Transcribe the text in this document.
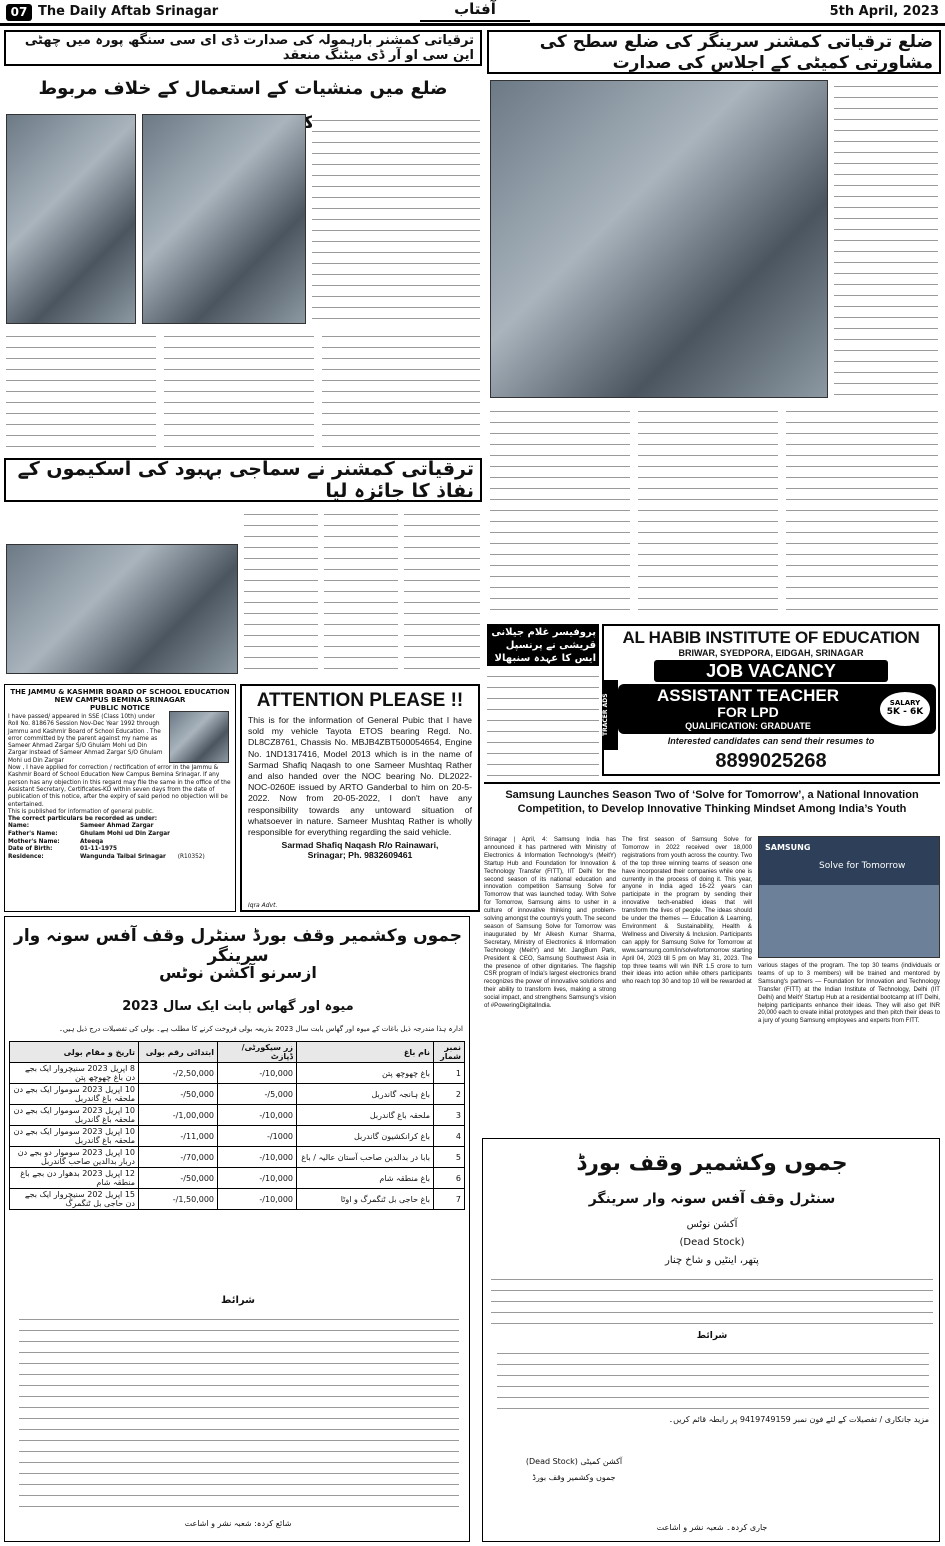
07 The Daily Aftab Srinagar	آفتاب	5th April, 2023
ضلع ترقیاتی کمشنر سرینگر کی ضلع سطح کی مشاورتی کمیٹی کے اجلاس کی صدارت
ترقیاتی کمشنر بارہمولہ کی صدارت ڈی ای سی سنگھ پورہ میں چھٹی این سی او آر ڈی میٹنگ منعقد
ضلع میں منشیات کے استعمال کے خلاف مربوط
ترقیاتی کمشنر نے سماجی بہبود کی اسکیموں کے نفاذ کا جائزہ لیا
پروفیسر غلام جیلانی قریشی نے پرنسپل ایس کا عہدہ سنبھالا
TRACER ADS
AL HABIB INSTITUTE OF EDUCATION
BRIWAR, SYEDPORA, EIDGAH, SRINAGAR
JOB VACANCY
ASSISTANT TEACHER
FOR LPD
QUALIFICATION: GRADUATE
SALARY
5K - 6K
Interested candidates can send their resumes to
8899025268
THE JAMMU & KASHMIR BOARD OF SCHOOL EDUCATION
NEW CAMPUS BEMINA SRINAGAR
PUBLIC NOTICE
I have passed/ appeared in SSE (Class 10th) under Roll No. 818676 Session Nov-Dec Year 1992 through Jammu and Kashmir Board of School Education . The error committed by the parent against my name as Sameer Ahmad Zargar S/O Ghulam Mohi ud Din Zargar instead of Sameer Ahmad Zargar S/O Ghulam Mohi ud Din Zargar
Now , I have applied for correction / rectification of error in the Jammu & Kashmir Board of School Education New Campus Bemina Srinagar. If any person has any objection in this regard may file the same in the office of the Assistant Secretary, Certificates-KD within seven days from the date of publication of this notice, after the expiry of said period no objection will be entertained.
This is published for information of general public.
The correct particulars be recorded as under:
Name:	Sameer Ahmad Zargar
Father's Name:	Ghulam Mohi ud Din Zargar
Mother's Name:	Ateeqa
Date of Birth:	01-11-1975
Residence:	Wangunda Taibal Srinagar (R10352)
ATTENTION PLEASE !!
This is for the information of General Pubic that I have sold my vehicle Tayota ETOS bearing Regd. No. DL8CZ8761, Chassis No. MBJB4ZBT500054654, Engine No. 1ND1317416, Model 2013 which is in the name of Sarmad Shafiq Naqash to one Sameer Mushtaq Rather and also handed over the NOC bearing No. DL2022-NOC-0260E issued by ARTO Ganderbal to him on 20-5-2022. Now from 20-05-2022, I don't have any responsibility towards any untoward situation of whatsoever in nature. Sameer Mushtaq Rather is wholly responsible for everything regarding the said vehicle.
Sarmad Shafiq Naqash R/o Rainawari,
Srinagar; Ph. 9832609461
Iqra Advt.
Samsung Launches Season Two of ‘Solve for Tomorrow’, a National Innovation Competition, to Develop Innovative Thinking Mindset Among India’s Youth
Srinagar | April, 4: Samsung India has announced it has partnered with Ministry of Electronics & Information Technology's (MeitY) Startup Hub and Foundation for Innovation & Technology Transfer (FITT), IIT Delhi for the second season of its national education and innovation competition Samsung Solve for Tomorrow that was launched today. With Solve for Tomorrow, Samsung aims to usher in a culture of innovative thinking and problem-solving amongst the country's youth. The second season of Samsung Solve for Tomorrow was inaugurated by Mr Alkesh Kumar Sharma, Secretary, Ministry of Electronics & Information Technology (MeitY) and Mr. JangBum Park, President & CEO, Samsung Southwest Asia in the presence of other dignitaries. The flagship CSR program of India's largest electronics brand recognizes the power of innovative solutions and their ability to transform lives, making a strong social impact, and strengthens Samsung's vision of #PoweringDigitalIndia.
The first season of Samsung Solve for Tomorrow in 2022 received over 18,000 registrations from youth across the country. Two of the top three winning teams of season one have incorporated their companies while one is currently in the process of doing it. This year, anyone in India aged 16-22 years can participate in the program by sending their innovative tech-enabled ideas that will transform the lives of people. The ideas should be under the themes — Education & Learning, Environment & Sustainability, Health & Wellness and Diversity & Inclusion. Participants can apply for Samsung Solve for Tomorrow at www.samsung.com/in/solvefortomorrow starting April 04, 2023 till 5 pm on May 31, 2023. The top three teams will win INR 1.5 crore to turn their ideas into action while others participants who reach top 30 and top 10 will be rewarded at
SAMSUNG
Solve for Tomorrow
various stages of the program. The top 30 teams (individuals or teams of up to 3 members) will be trained and mentored by Samsung's partners — Foundation for Innovation and Technology Transfer (FITT) at the Indian Institute of Technology, Delhi (IIT Delhi) and MeitY Startup Hub at a residential bootcamp at IIT Delhi, helping participants enhance their ideas. They will also get INR 20,000 each to create initial prototypes and then pitch their ideas to a jury of young Samsung employees and experts from FITT.
جموں وکشمیر وقف بورڈ سنٹرل وقف آفس سونہ وار سرینگر
ازسرنو آکشن نوٹس
میوہ اور گھاس بابت ایک سال 2023
ادارہ ہذا مندرجہ ذیل باغات کے میوہ اور گھاس بابت سال 2023 بذریعہ بولی فروخت کرنے کا مطلب ہے۔ بولی کی تفصیلات درج ذیل ہیں۔
نمبر شمار	نام باغ	زر سیکورٹی/ڈپازٹ	ابتدائی رقم بولی	تاریخ و مقام بولی
1	باغ چھوچھ پتن	10,000/-	2,50,000/-	8 اپریل 2023 سنیچروار ایک بجے دن باغ چھوچھ پتن
2	باغ ہانجہ گاندربل	5,000/-	50,000/-	10 اپریل 2023 سوموار ایک بجے دن ملحقہ باغ گاندربل
3	ملحقہ باغ گاندربل	10,000/-	1,00,000/-	10 اپریل 2023 سوموار ایک بجے دن ملحقہ باغ گاندربل
4	باغ کرانکشیون گاندربل	1000/-	11,000/-	10 اپریل 2023 سوموار ایک بجے دن ملحقہ باغ گاندربل
5	بابا در بدالدین صاحب آستان عالیہ / باغ	10,000/-	70,000/-	10 اپریل 2023 سوموار دو بجے دن دربار بدالدین صاحب گاندربل
6	باغ منطقہ شام	10,000/-	50,000/-	12 اپریل 2023 بدھوار دن بجے باغ منطقہ شام
7	باغ حاجی بل ٹنگمرگ و اوٹا	10,000/-	1,50,000/-	15 اپریل 202 سنیچروار ایک بجے دن حاجی بل ٹنگمرگ
شرائط
شائع کردہ: شعبہ نشر و اشاعت
جموں وکشمیر وقف بورڈ
سنٹرل وقف آفس سونہ وار سرینگر
آکشن نوٹس
(Dead Stock)
پتھر، اینٹیں و شاخ چنار
شرائط
مزید جانکاری / تفصیلات کے لئے فون نمبر 9419749159 پر رابطہ قائم کریں۔
(Dead Stock) آکشن کمیٹی
جموں وکشمیر وقف بورڈ
جاری کردہ۔ شعبہ نشر و اشاعت
